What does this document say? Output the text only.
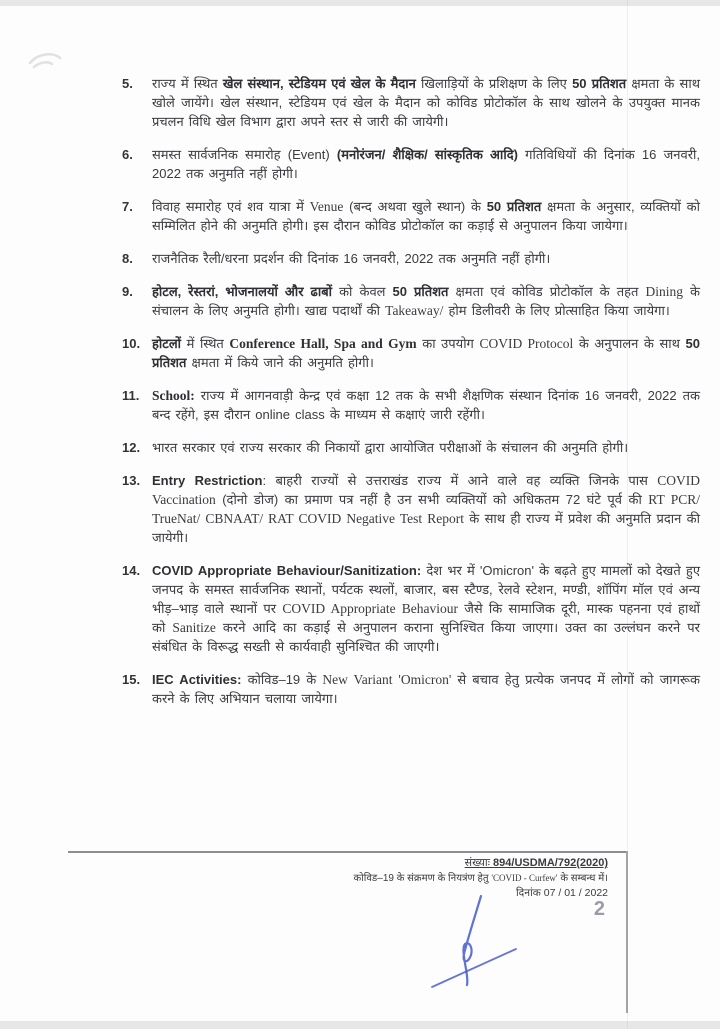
5.	राज्य में स्थित खेल संस्थान, स्टेडियम एवं खेल के मैदान खिलाड़ियों के प्रशिक्षण के लिए 50 प्रतिशत क्षमता के साथ खोले जायेंगे। खेल संस्थान, स्टेडियम एवं खेल के मैदान को कोविड प्रोटोकॉल के साथ खोलने के उपयुक्त मानक प्रचलन विधि खेल विभाग द्वारा अपने स्तर से जारी की जायेगी।
6.	समस्त सार्वजनिक समारोह (Event) (मनोरंजन/ शैक्षिक/ सांस्कृतिक आदि) गतिविधियों की दिनांक 16 जनवरी, 2022 तक अनुमति नहीं होगी।
7.	विवाह समारोह एवं शव यात्रा में Venue (बन्द अथवा खुले स्थान) के 50 प्रतिशत क्षमता के अनुसार, व्यक्तियों को सम्मिलित होने की अनुमति होगी। इस दौरान कोविड प्रोटोकॉल का कड़ाई से अनुपालन किया जायेगा।
8.	राजनैतिक रैली/धरना प्रदर्शन की दिनांक 16 जनवरी, 2022 तक अनुमति नहीं होगी।
9.	होटल, रेस्तरां, भोजनालयों और ढाबों को केवल 50 प्रतिशत क्षमता एवं कोविड प्रोटोकॉल के तहत Dining के संचालन के लिए अनुमति होगी। खाद्य पदार्थों की Takeaway/ होम डिलीवरी के लिए प्रोत्साहित किया जायेगा।
10. होटलों में स्थित Conference Hall, Spa and Gym का उपयोग COVID Protocol के अनुपालन के साथ 50 प्रतिशत क्षमता में किये जाने की अनुमति होगी।
11. School: राज्य में आगनवाड़ी केन्द्र एवं कक्षा 12 तक के सभी शैक्षणिक संस्थान दिनांक 16 जनवरी, 2022 तक बन्द रहेंगे, इस दौरान online class के माध्यम से कक्षाएं जारी रहेंगी।
12. भारत सरकार एवं राज्य सरकार की निकायों द्वारा आयोजित परीक्षाओं के संचालन की अनुमति होगी।
13. Entry Restriction: बाहरी राज्यों से उत्तराखंड राज्य में आने वाले वह व्यक्ति जिनके पास COVID Vaccination (दोनो डोज) का प्रमाण पत्र नहीं है उन सभी व्यक्तियों को अधिकतम 72 घंटे पूर्व की RT PCR/ TrueNat/ CBNAAT/ RAT COVID Negative Test Report के साथ ही राज्य में प्रवेश की अनुमति प्रदान की जायेगी।
14. COVID Appropriate Behaviour/Sanitization: देश भर में 'Omicron' के बढ़ते हुए मामलों को देखते हुए जनपद के समस्त सार्वजनिक स्थानों, पर्यटक स्थलों, बाजार, बस स्टैण्ड, रेलवे स्टेशन, मण्डी, शॉपिंग मॉल एवं अन्य भीड़–भाड़ वाले स्थानों पर COVID Appropriate Behaviour जैसे कि सामाजिक दूरी, मास्क पहनना एवं हाथों को Sanitize करने आदि का कड़ाई से अनुपालन कराना सुनिश्चित किया जाएगा। उक्त का उल्लंघन करने पर संबंधित के विरूद्ध सख्ती से कार्यवाही सुनिश्चित की जाएगी।
15. IEC Activities: कोविड–19 के New Variant 'Omicron' से बचाव हेतु प्रत्येक जनपद में लोगों को जागरूक करने के लिए अभियान चलाया जायेगा।
संख्याः 894/USDMA/792(2020)
कोविड–19 के संक्रमण के नियत्रंण हेतु 'COVID - Curfew' के सम्बन्ध में।
दिनांक 07 / 01 / 2022
2
